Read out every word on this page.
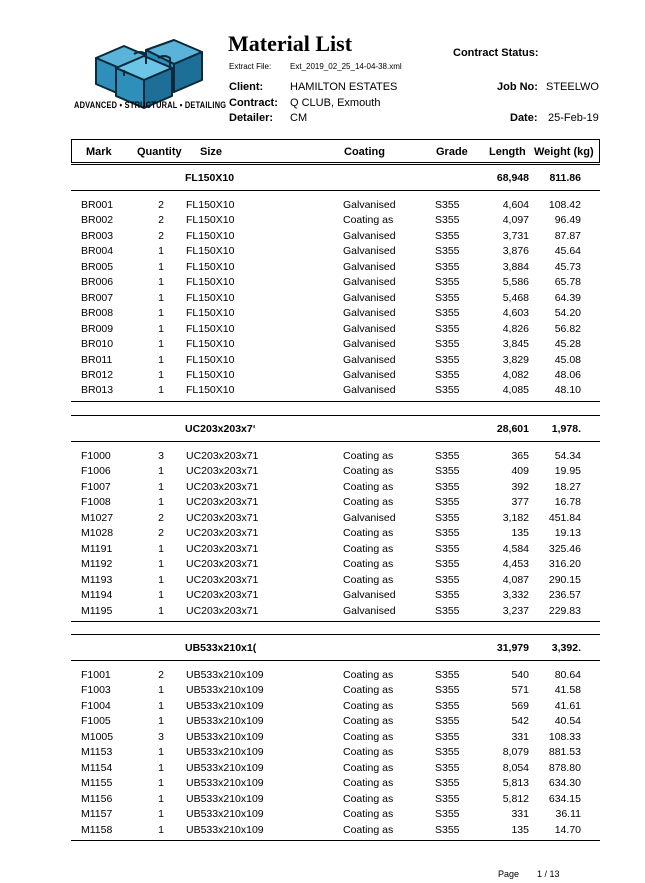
ADVANCED • STRUCTURAL • DETAILING
Material List
Extract File: Ext_2019_02_25_14-04-38.xml
Client: HAMILTON ESTATES
Contract: Q CLUB, Exmouth
Detailer: CM
Contract Status:
Job No: STEELWO
Date: 25-Feb-19
Mark Quantity Size	Coating	Grade Length Weight (kg)
FL150X10	68,948	811.86
BR001	2 FL150X10	Galvanised	S355	4,604	108.42
BR002	2 FL150X10	Coating as	S355	4,097	96.49
BR003	2 FL150X10	Galvanised	S355	3,731	87.87
BR004	1 FL150X10	Galvanised	S355	3,876	45.64
BR005	1 FL150X10	Galvanised	S355	3,884	45.73
BR006	1 FL150X10	Galvanised	S355	5,586	65.78
BR007	1 FL150X10	Galvanised	S355	5,468	64.39
BR008	1 FL150X10	Galvanised	S355	4,603	54.20
BR009	1 FL150X10	Galvanised	S355	4,826	56.82
BR010	1 FL150X10	Galvanised	S355	3,845	45.28
BR011	1 FL150X10	Galvanised	S355	3,829	45.08
BR012	1 FL150X10	Galvanised	S355	4,082	48.06
BR013	1 FL150X10	Galvanised	S355	4,085	48.10
UC203x203x7‘	28,601	1,978.
F1000	3 UC203x203x71	Coating as	S355	365	54.34
F1006	1 UC203x203x71	Coating as	S355	409	19.95
F1007	1 UC203x203x71	Coating as	S355	392	18.27
F1008	1 UC203x203x71	Coating as	S355	377	16.78
M1027	2 UC203x203x71	Galvanised	S355	3,182	451.84
M1028	2 UC203x203x71	Coating as	S355	135	19.13
M1191	1 UC203x203x71	Coating as	S355	4,584	325.46
M1192	1 UC203x203x71	Coating as	S355	4,453	316.20
M1193	1 UC203x203x71	Coating as	S355	4,087	290.15
M1194	1 UC203x203x71	Galvanised	S355	3,332	236.57
M1195	1 UC203x203x71	Galvanised	S355	3,237	229.83
UB533x210x1(	31,979	3,392.
F1001	2 UB533x210x109	Coating as	S355	540	80.64
F1003	1 UB533x210x109	Coating as	S355	571	41.58
F1004	1 UB533x210x109	Coating as	S355	569	41.61
F1005	1 UB533x210x109	Coating as	S355	542	40.54
M1005	3 UB533x210x109	Coating as	S355	331	108.33
M1153	1 UB533x210x109	Coating as	S355	8,079	881.53
M1154	1 UB533x210x109	Coating as	S355	8,054	878.80
M1155	1 UB533x210x109	Coating as	S355	5,813	634.30
M1156	1 UB533x210x109	Coating as	S355	5,812	634.15
M1157	1 UB533x210x109	Coating as	S355	331	36.11
M1158	1 UB533x210x109	Coating as	S355	135	14.70
Page 1 / 13
